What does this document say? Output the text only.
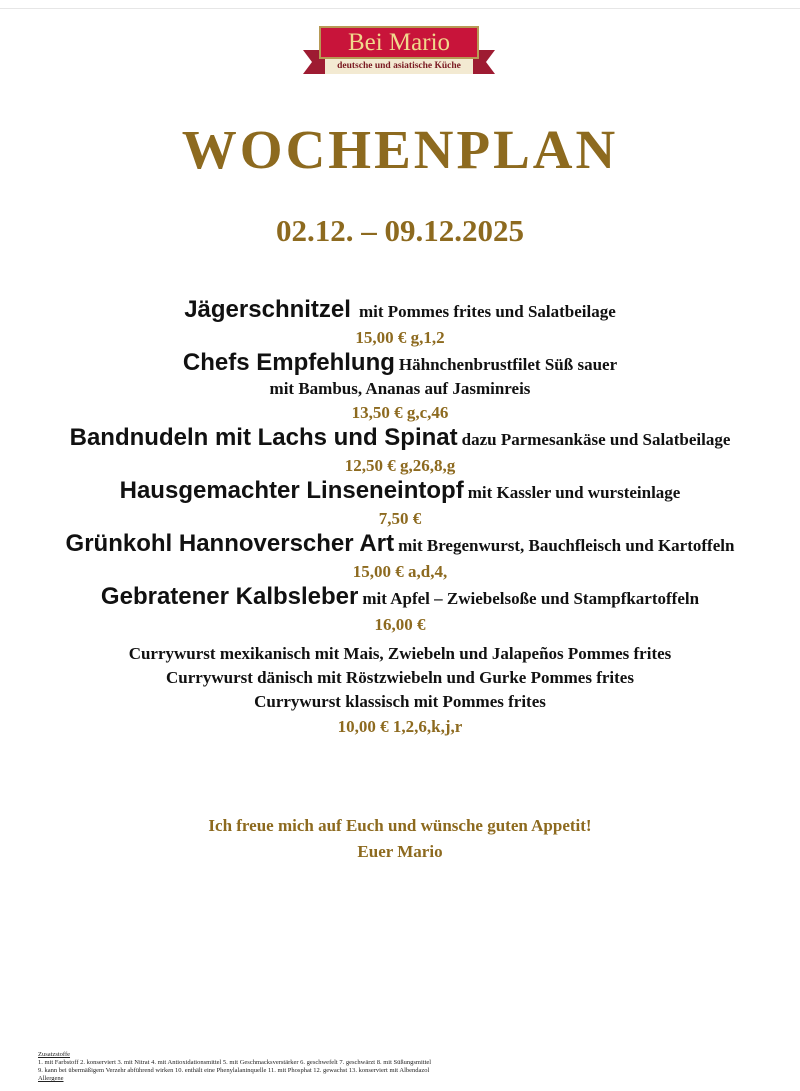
Bei Mario
deutsche und asiatische Küche
WOCHENPLAN
02.12. – 09.12.2025

Jägerschnitzel mit Pommes frites und Salatbeilage

15,00 € g,1,2

Chefs Empfehlung Hähnchenbrustfilet Süß sauer
mit Bambus, Ananas auf Jasminreis

13,50 € g,c,46

Bandnudeln mit Lachs und Spinat dazu Parmesankäse und Salatbeilage

12,50 € g,26,8,g

Hausgemachter Linseneintopf mit Kassler und wursteinlage

7,50 €

Grünkohl Hannoverscher Art mit Bregenwurst, Bauchfleisch und Kartoffeln

15,00 € a,d,4,

Gebratener Kalbsleber mit Apfel – Zwiebelsoße und Stampfkartoffeln

16,00 €

Currywurst mexikanisch mit Mais, Zwiebeln und Jalapeños Pommes frites

Currywurst dänisch mit Röstzwiebeln und Gurke Pommes frites

Currywurst klassisch mit Pommes frites

10,00 € 1,2,6,k,j,r

Ich freue mich auf Euch und wünsche guten Appetit!

Euer Mario

Zusatzstoffe
1. mit Farbstoff 2. konserviert 3. mit Nitrat 4. mit Antioxidationsmittel 5. mit Geschmacksverstärker 6. geschwefelt 7. geschwärzt 8. mit Süßungsmittel
9. kann bei übermäßigem Verzehr abführend wirken 10. enthält eine Phenylalaninquelle 11. mit Phosphat 12. gewachst 13. konserviert mit Albendazol
Allergene
